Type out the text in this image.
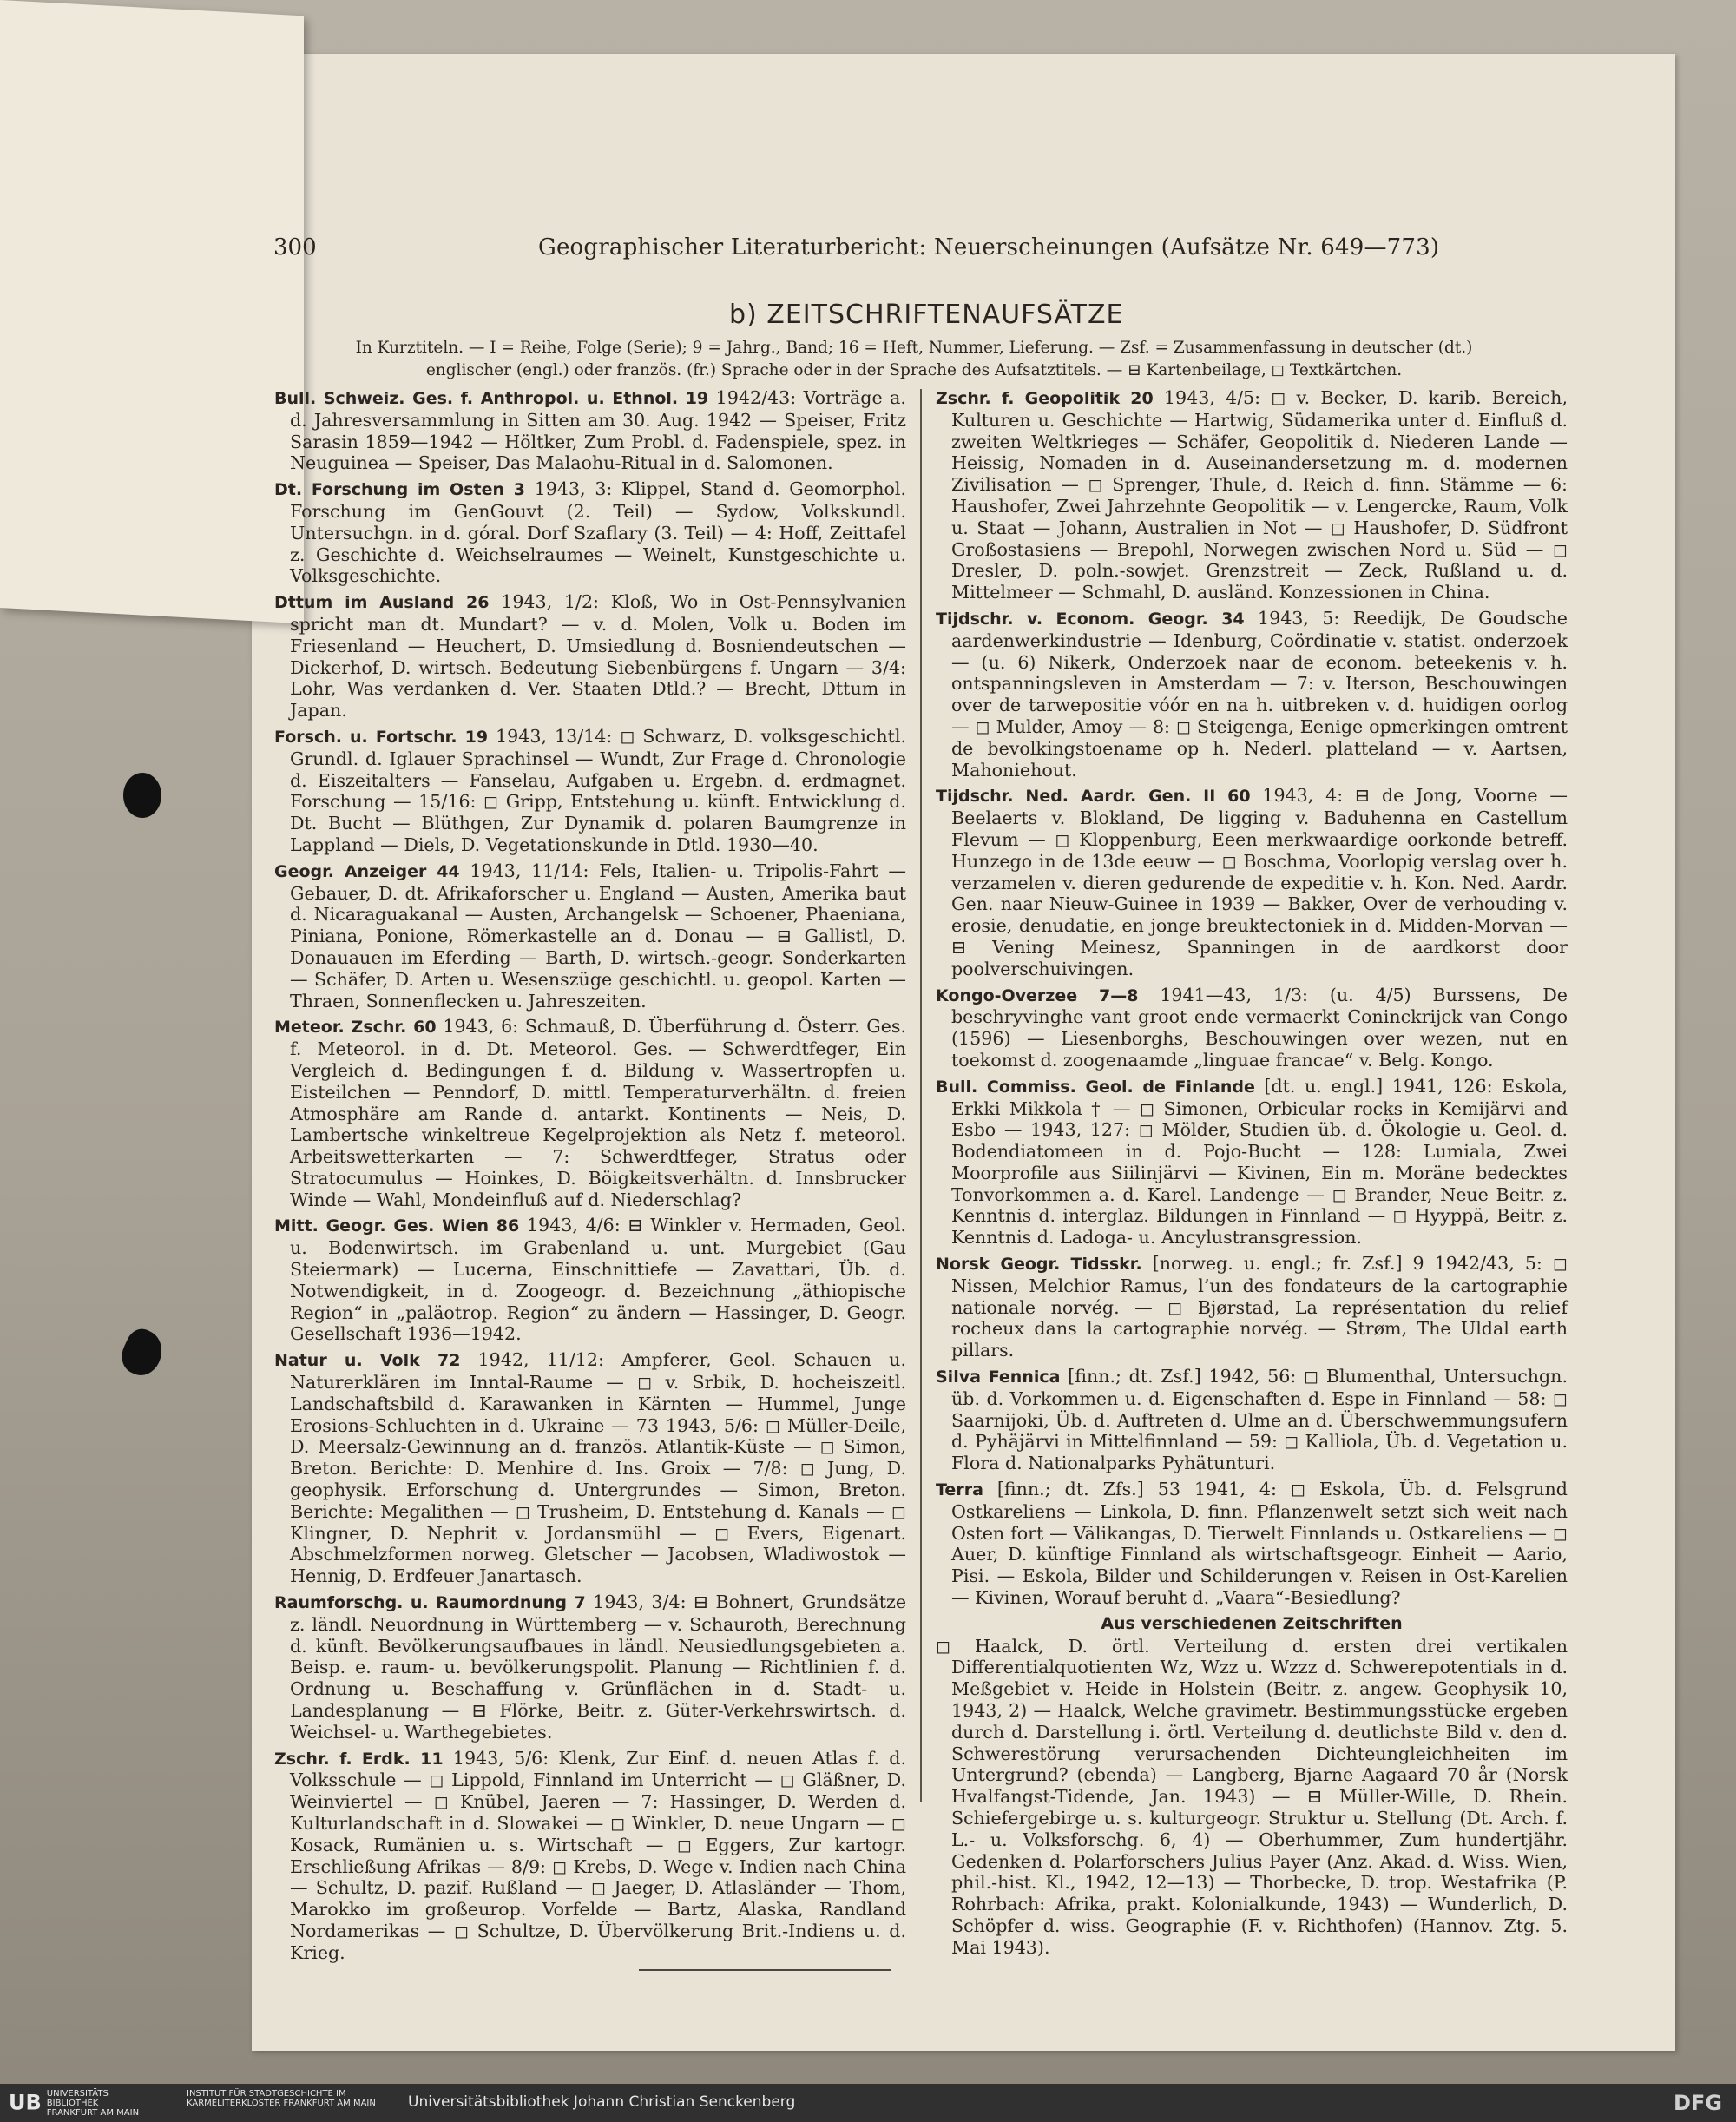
300	Geographischer Literaturbericht: Neuerscheinungen (Aufsätze Nr. 649—773)
b) ZEITSCHRIFTENAUFSÄTZE
In Kurztiteln. — I = Reihe, Folge (Serie); 9 = Jahrg., Band; 16 = Heft, Nummer, Lieferung. — Zsf. = Zusammenfassung in deutscher (dt.)
englischer (engl.) oder französ. (fr.) Sprache oder in der Sprache des Aufsatztitels. — ⊟ Kartenbeilage, ◻ Textkärtchen.

Bull. Schweiz. Ges. f. Anthropol. u. Ethnol. 19 1942/43: Vorträge a. d. Jahresversammlung in Sitten am 30. Aug. 1942 — Speiser, Fritz Sarasin 1859—1942 — Höltker, Zum Probl. d. Fadenspiele, spez. in Neuguinea — Speiser, Das Malaohu-Ritual in d. Salomonen.

Dt. Forschung im Osten 3 1943, 3: Klippel, Stand d. Geomorphol. Forschung im GenGouvt (2. Teil) — Sydow, Volkskundl. Untersuchgn. in d. góral. Dorf Szaflary (3. Teil) — 4: Hoff, Zeittafel z. Geschichte d. Weichselraumes — Weinelt, Kunstgeschichte u. Volksgeschichte.

Dttum im Ausland 26 1943, 1/2: Kloß, Wo in Ost-Pennsylvanien spricht man dt. Mundart? — v. d. Molen, Volk u. Boden im Friesenland — Heuchert, D. Umsiedlung d. Bosniendeutschen — Dickerhof, D. wirtsch. Bedeutung Siebenbürgens f. Ungarn — 3/4: Lohr, Was verdanken d. Ver. Staaten Dtld.? — Brecht, Dttum in Japan.

Forsch. u. Fortschr. 19 1943, 13/14: ◻ Schwarz, D. volksgeschichtl. Grundl. d. Iglauer Sprachinsel — Wundt, Zur Frage d. Chronologie d. Eiszeitalters — Fanselau, Aufgaben u. Ergebn. d. erdmagnet. Forschung — 15/16: ◻ Gripp, Entstehung u. künft. Entwicklung d. Dt. Bucht — Blüthgen, Zur Dynamik d. polaren Baumgrenze in Lappland — Diels, D. Vegetationskunde in Dtld. 1930—40.

Geogr. Anzeiger 44 1943, 11/14: Fels, Italien- u. Tripolis-Fahrt — Gebauer, D. dt. Afrikaforscher u. England — Austen, Amerika baut d. Nicaraguakanal — Austen, Archangelsk — Schoener, Phaeniana, Piniana, Ponione, Römerkastelle an d. Donau — ⊟ Gallistl, D. Donauauen im Eferding — Barth, D. wirtsch.-geogr. Sonderkarten — Schäfer, D. Arten u. Wesenszüge geschichtl. u. geopol. Karten — Thraen, Sonnenflecken u. Jahreszeiten.

Meteor. Zschr. 60 1943, 6: Schmauß, D. Überführung d. Österr. Ges. f. Meteorol. in d. Dt. Meteorol. Ges. — Schwerdtfeger, Ein Vergleich d. Bedingungen f. d. Bildung v. Wassertropfen u. Eisteilchen — Penndorf, D. mittl. Temperaturverhältn. d. freien Atmosphäre am Rande d. antarkt. Kontinents — Neis, D. Lambertsche winkeltreue Kegelprojektion als Netz f. meteorol. Arbeitswetterkarten — 7: Schwerdtfeger, Stratus oder Stratocumulus — Hoinkes, D. Böigkeitsverhältn. d. Innsbrucker Winde — Wahl, Mondeinfluß auf d. Niederschlag?

Mitt. Geogr. Ges. Wien 86 1943, 4/6: ⊟ Winkler v. Hermaden, Geol. u. Bodenwirtsch. im Grabenland u. unt. Murgebiet (Gau Steiermark) — Lucerna, Einschnittiefe — Zavattari, Üb. d. Notwendigkeit, in d. Zoogeogr. d. Bezeichnung „äthiopische Region“ in „paläotrop. Region“ zu ändern — Hassinger, D. Geogr. Gesellschaft 1936—1942.

Natur u. Volk 72 1942, 11/12: Ampferer, Geol. Schauen u. Naturerklären im Inntal-Raume — ◻ v. Srbik, D. hocheiszeitl. Landschaftsbild d. Karawanken in Kärnten — Hummel, Junge Erosions-Schluchten in d. Ukraine — 73 1943, 5/6: ◻ Müller-Deile, D. Meersalz-Gewinnung an d. französ. Atlantik-Küste — ◻ Simon, Breton. Berichte: D. Menhire d. Ins. Groix — 7/8: ◻ Jung, D. geophysik. Erforschung d. Untergrundes — Simon, Breton. Berichte: Megalithen — ◻ Trusheim, D. Entstehung d. Kanals — ◻ Klingner, D. Nephrit v. Jordansmühl — ◻ Evers, Eigenart. Abschmelzformen norweg. Gletscher — Jacobsen, Wladiwostok — Hennig, D. Erdfeuer Janartasch.

Raumforschg. u. Raumordnung 7 1943, 3/4: ⊟ Bohnert, Grundsätze z. ländl. Neuordnung in Württemberg — v. Schauroth, Berechnung d. künft. Bevölkerungsaufbaues in ländl. Neusiedlungsgebieten a. Beisp. e. raum- u. bevölkerungspolit. Planung — Richtlinien f. d. Ordnung u. Beschaffung v. Grünflächen in d. Stadt- u. Landesplanung — ⊟ Flörke, Beitr. z. Güter-Verkehrswirtsch. d. Weichsel- u. Warthegebietes.

Zschr. f. Erdk. 11 1943, 5/6: Klenk, Zur Einf. d. neuen Atlas f. d. Volksschule — ◻ Lippold, Finnland im Unterricht — ◻ Gläßner, D. Weinviertel — ◻ Knübel, Jaeren — 7: Hassinger, D. Werden d. Kulturlandschaft in d. Slowakei — ◻ Winkler, D. neue Ungarn — ◻ Kosack, Rumänien u. s. Wirtschaft — ◻ Eggers, Zur kartogr. Erschließung Afrikas — 8/9: ◻ Krebs, D. Wege v. Indien nach China — Schultz, D. pazif. Rußland — ◻ Jaeger, D. Atlasländer — Thom, Marokko im großeurop. Vorfelde — Bartz, Alaska, Randland Nordamerikas — ◻ Schultze, D. Übervölkerung Brit.-Indiens u. d. Krieg.

Zschr. f. Geopolitik 20 1943, 4/5: ◻ v. Becker, D. karib. Bereich, Kulturen u. Geschichte — Hartwig, Südamerika unter d. Einfluß d. zweiten Weltkrieges — Schäfer, Geopolitik d. Niederen Lande — Heissig, Nomaden in d. Auseinandersetzung m. d. modernen Zivilisation — ◻ Sprenger, Thule, d. Reich d. finn. Stämme — 6: Haushofer, Zwei Jahrzehnte Geopolitik — v. Lengercke, Raum, Volk u. Staat — Johann, Australien in Not — ◻ Haushofer, D. Südfront Großostasiens — Brepohl, Norwegen zwischen Nord u. Süd — ◻ Dresler, D. poln.-sowjet. Grenzstreit — Zeck, Rußland u. d. Mittelmeer — Schmahl, D. ausländ. Konzessionen in China.

Tijdschr. v. Econom. Geogr. 34 1943, 5: Reedijk, De Goudsche aardenwerkindustrie — Idenburg, Coördinatie v. statist. onderzoek — (u. 6) Nikerk, Onderzoek naar de econom. beteekenis v. h. ontspanningsleven in Amsterdam — 7: v. Iterson, Beschouwingen over de tarwepositie vóór en na h. uitbreken v. d. huidigen oorlog — ◻ Mulder, Amoy — 8: ◻ Steigenga, Eenige opmerkingen omtrent de bevolkingstoename op h. Nederl. platteland — v. Aartsen, Mahoniehout.

Tijdschr. Ned. Aardr. Gen. II 60 1943, 4: ⊟ de Jong, Voorne — Beelaerts v. Blokland, De ligging v. Baduhenna en Castellum Flevum — ◻ Kloppenburg, Eeen merkwaardige oorkonde betreff. Hunzego in de 13de eeuw — ◻ Boschma, Voorlopig verslag over h. verzamelen v. dieren gedurende de expeditie v. h. Kon. Ned. Aardr. Gen. naar Nieuw-Guinee in 1939 — Bakker, Over de verhouding v. erosie, denudatie, en jonge breuktectoniek in d. Midden-Morvan — ⊟ Vening Meinesz, Spanningen in de aardkorst door poolverschuivingen.

Kongo-Overzee 7—8 1941—43, 1/3: (u. 4/5) Burssens, De beschryvinghe vant groot ende vermaerkt Coninckrijck van Congo (1596) — Liesenborghs, Beschouwingen over wezen, nut en toekomst d. zoogenaamde „linguae francae“ v. Belg. Kongo.

Bull. Commiss. Geol. de Finlande [dt. u. engl.] 1941, 126: Eskola, Erkki Mikkola † — ◻ Simonen, Orbicular rocks in Kemijärvi and Esbo — 1943, 127: ◻ Mölder, Studien üb. d. Ökologie u. Geol. d. Bodendiatomeen in d. Pojo-Bucht — 128: Lumiala, Zwei Moorprofile aus Siilinjärvi — Kivinen, Ein m. Moräne bedecktes Tonvorkommen a. d. Karel. Landenge — ◻ Brander, Neue Beitr. z. Kenntnis d. interglaz. Bildungen in Finnland — ◻ Hyyppä, Beitr. z. Kenntnis d. Ladoga- u. Ancylustransgression.

Norsk Geogr. Tidsskr. [norweg. u. engl.; fr. Zsf.] 9 1942/43, 5: ◻ Nissen, Melchior Ramus, l’un des fondateurs de la cartographie nationale norvég. — ◻ Bjørstad, La représentation du relief rocheux dans la cartographie norvég. — Strøm, The Uldal earth pillars.

Silva Fennica [finn.; dt. Zsf.] 1942, 56: ◻ Blumenthal, Untersuchgn. üb. d. Vorkommen u. d. Eigenschaften d. Espe in Finnland — 58: ◻ Saarnijoki, Üb. d. Auftreten d. Ulme an d. Überschwemmungsufern d. Pyhäjärvi in Mittelfinnland — 59: ◻ Kalliola, Üb. d. Vegetation u. Flora d. Nationalparks Pyhätunturi.

Terra [finn.; dt. Zfs.] 53 1941, 4: ◻ Eskola, Üb. d. Felsgrund Ostkareliens — Linkola, D. finn. Pflanzenwelt setzt sich weit nach Osten fort — Välikangas, D. Tierwelt Finnlands u. Ostkareliens — ◻ Auer, D. künftige Finnland als wirtschaftsgeogr. Einheit — Aario, Pisi. — Eskola, Bilder und Schilderungen v. Reisen in Ost-Karelien — Kivinen, Worauf beruht d. „Vaara“-Besiedlung?

Aus verschiedenen Zeitschriften

◻ Haalck, D. örtl. Verteilung d. ersten drei vertikalen Differentialquotienten Wz, Wzz u. Wzzz d. Schwerepotentials in d. Meßgebiet v. Heide in Holstein (Beitr. z. angew. Geophysik 10, 1943, 2) — Haalck, Welche gravimetr. Bestimmungsstücke ergeben durch d. Darstellung i. örtl. Verteilung d. deutlichste Bild v. den d. Schwerestörung verursachenden Dichteungleichheiten im Untergrund? (ebenda) — Langberg, Bjarne Aagaard 70 år (Norsk Hvalfangst-Tidende, Jan. 1943) — ⊟ Müller-Wille, D. Rhein. Schiefergebirge u. s. kulturgeogr. Struktur u. Stellung (Dt. Arch. f. L.- u. Volksforschg. 6, 4) — Oberhummer, Zum hundertjähr. Gedenken d. Polarforschers Julius Payer (Anz. Akad. d. Wiss. Wien, phil.-hist. Kl., 1942, 12—13) — Thorbecke, D. trop. Westafrika (P. Rohrbach: Afrika, prakt. Kolonialkunde, 1943) — Wunderlich, D. Schöpfer d. wiss. Geographie (F. v. Richthofen) (Hannov. Ztg. 5. Mai 1943).

UB UNIVERSITÄTS BIBLIOTHEK FRANKFURT AM MAIN
INSTITUT FÜR STADTGESCHICHTE IM KARMELITERKLOSTER FRANKFURT AM MAIN Universitätsbibliothek Johann Christian Senckenberg	DFG
